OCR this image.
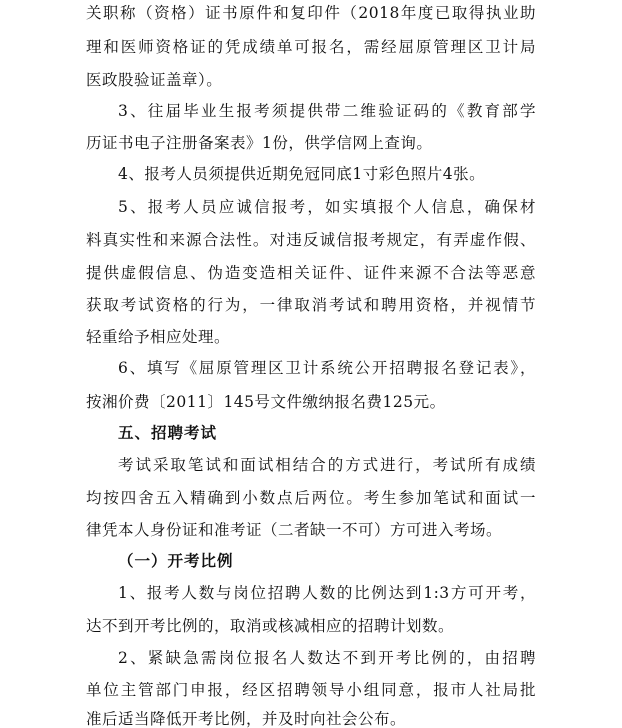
关职称（资格）证书原件和复印件（2018年度已取得执业助
理和医师资格证的凭成绩单可报名，需经屈原管理区卫计局
医政股验证盖章）。
3、往届毕业生报考须提供带二维验证码的《教育部学
历证书电子注册备案表》1份，供学信网上查询。
4、报考人员须提供近期免冠同底1寸彩色照片4张。
5、报考人员应诚信报考，如实填报个人信息，确保材
料真实性和来源合法性。对违反诚信报考规定，有弄虚作假、
提供虚假信息、伪造变造相关证件、证件来源不合法等恶意
获取考试资格的行为，一律取消考试和聘用资格，并视情节
轻重给予相应处理。
6、填写《屈原管理区卫计系统公开招聘报名登记表》，
按湘价费〔2011〕145号文件缴纳报名费125元。
五、招聘考试
考试采取笔试和面试相结合的方式进行，考试所有成绩
均按四舍五入精确到小数点后两位。考生参加笔试和面试一
律凭本人身份证和准考证（二者缺一不可）方可进入考场。
（一）开考比例
1、报考人数与岗位招聘人数的比例达到1:3方可开考，
达不到开考比例的，取消或核减相应的招聘计划数。
2、紧缺急需岗位报名人数达不到开考比例的，由招聘
单位主管部门申报，经区招聘领导小组同意，报市人社局批
准后适当降低开考比例，并及时向社会公布。
